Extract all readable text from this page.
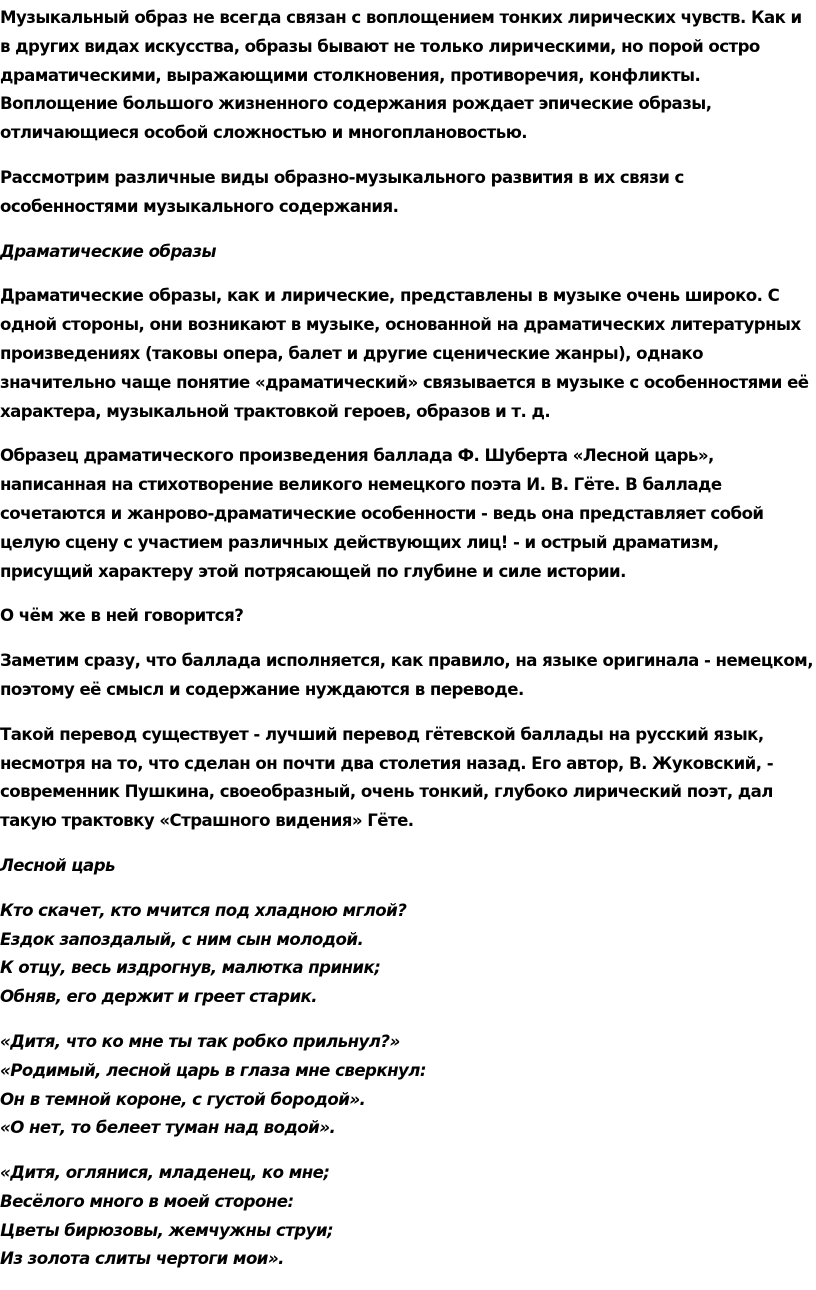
Музыкальный образ не всегда связан с воплощением тонких лирических чувств. Как и в других видах искусства, образы бывают не только лирическими, но порой остро драматическими, выражающими столкновения, противоречия, конфликты. Воплощение большого жизненного содержания рождает эпические образы, отличающиеся особой сложностью и многоплановостью.

Рассмотрим различные виды образно-музыкального развития в их связи с особенностями музыкального содержания.

Драматические образы

Драматические образы, как и лирические, представлены в музыке очень широко. С одной стороны, они возникают в музыке, основанной на драматических литературных произведениях (таковы опера, балет и другие сценические жанры), однако значительно чаще понятие «драматический» связывается в музыке с особенностями её характера, музыкальной трактовкой героев, образов и т. д.

Образец драматического произведения баллада Ф. Шуберта «Лесной царь», написанная на стихотворение великого немецкого поэта И. В. Гёте. В балладе сочетаются и жанрово-драматические особенности - ведь она представляет собой целую сцену с участием различных действующих лиц! - и острый драматизм, присущий характеру этой потрясающей по глубине и силе истории.

О чём же в ней говорится?

Заметим сразу, что баллада исполняется, как правило, на языке оригинала - немецком, поэтому её смысл и содержание нуждаются в переводе.

Такой перевод существует - лучший перевод гётевской баллады на русский язык, несмотря на то, что сделан он почти два столетия назад. Его автор, В. Жуковский, - современник Пушкина, своеобразный, очень тонкий, глубоко лирический поэт, дал такую трактовку «Страшного видения» Гёте.

Лесной царь

Кто скачет, кто мчится под хладною мглой?
Ездок запоздалый, с ним сын молодой.
К отцу, весь издрогнув, малютка приник;
Обняв, его держит и греет старик.
«Дитя, что ко мне ты так робко прильнул?»
«Родимый, лесной царь в глаза мне сверкнул:
Он в темной короне, с густой бородой».
«О нет, то белеет туман над водой».
«Дитя, оглянися, младенец, ко мне;
Весёлого много в моей стороне:
Цветы бирюзовы, жемчужны струи;
Из золота слиты чертоги мои».
